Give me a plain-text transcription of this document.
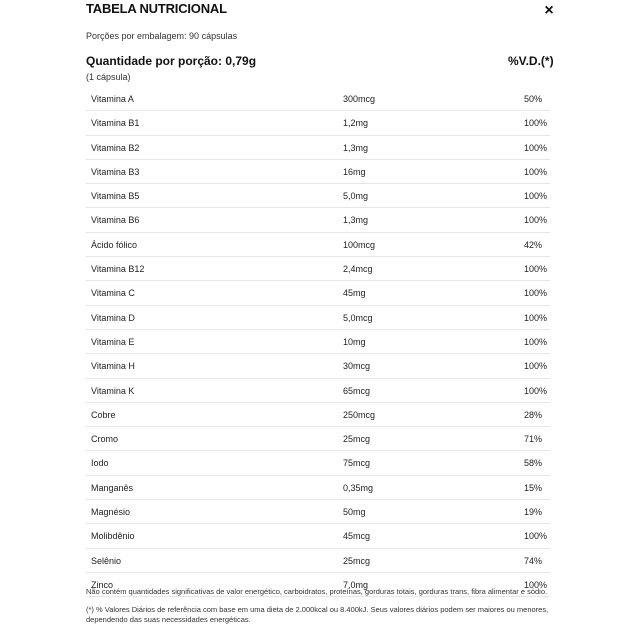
TABELA NUTRICIONAL	×
Porções por embalagem: 90 cápsulas
Quantidade por porção: 0,79g	%V.D.(*)
(1 cápsula)
Vitamina A	300mcg	50%
Vitamina B1	1,2mg	100%
Vitamina B2	1,3mg	100%
Vitamina B3	16mg	100%
Vitamina B5	5,0mg	100%
Vitamina B6	1,3mg	100%
Ácido fólico	100mcg	42%
Vitamina B12	2,4mcg	100%
Vitamina C	45mg	100%
Vitamina D	5,0mcg	100%
Vitamina E	10mg	100%
Vitamina H	30mcg	100%
Vitamina K	65mcg	100%
Cobre	250mcg	28%
Cromo	25mcg	71%
Iodo	75mcg	58%
Manganês	0,35mg	15%
Magnésio	50mg	19%
Molibdênio	45mcg	100%
Selênio	25mcg	74%
Zinco	7,0mg	100%
Não contém quantidades significativas de valor energético, carboidratos, proteínas, gorduras totais, gorduras trans, fibra alimentar e sódio.
(*) % Valores Diários de referência com base em uma dieta de 2.000kcal ou 8.400kJ. Seus valores diários podem ser maiores ou menores, dependendo das suas necessidades energéticas.
